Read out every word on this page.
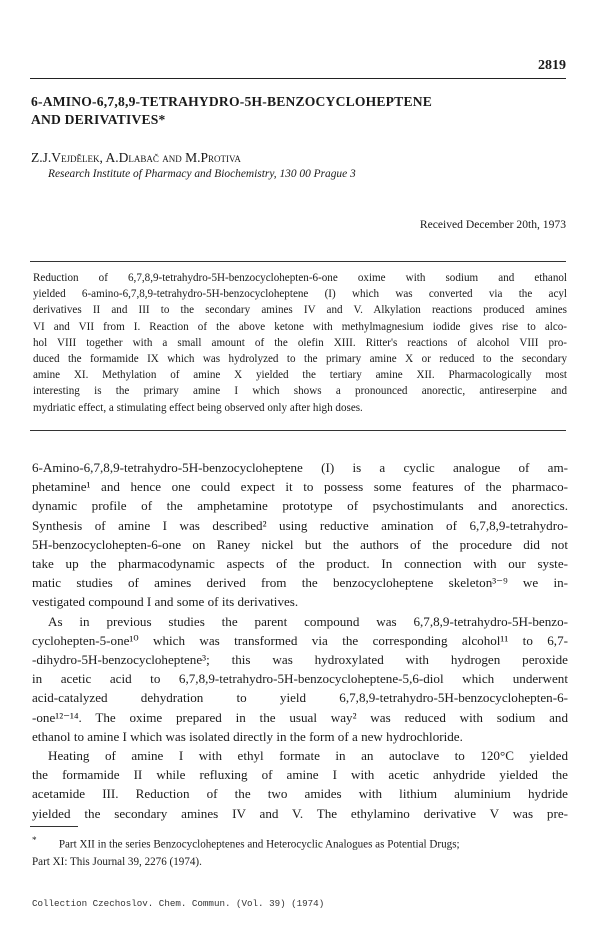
2819
6-AMINO-6,7,8,9-TETRAHYDRO-5H-BENZOCYCLOHEPTENE
AND DERIVATIVES*
Z.J.Vejdělek, A.Dlabač and M.Protiva
Research Institute of Pharmacy and Biochemistry, 130 00 Prague 3
Received December 20th, 1973

Reduction of 6,7,8,9-tetrahydro-5H-benzocyclohepten-6-one oxime with sodium and ethanol
yielded 6-amino-6,7,8,9-tetrahydro-5H-benzocycloheptene (I) which was converted via the acyl
derivatives II and III to the secondary amines IV and V. Alkylation reactions produced amines
VI and VII from I. Reaction of the above ketone with methylmagnesium iodide gives rise to alco-
hol VIII together with a small amount of the olefin XIII. Ritter's reactions of alcohol VIII pro-
duced the formamide IX which was hydrolyzed to the primary amine X or reduced to the secondary
amine XI. Methylation of amine X yielded the tertiary amine XII. Pharmacologically most
interesting is the primary amine I which shows a pronounced anorectic, antireserpine and
mydriatic effect, a stimulating effect being observed only after high doses.

6-Amino-6,7,8,9-tetrahydro-5H-benzocycloheptene (I) is a cyclic analogue of am-
phetamine¹ and hence one could expect it to possess some features of the pharmaco-
dynamic profile of the amphetamine prototype of psychostimulants and anorectics.
Synthesis of amine I was described² using reductive amination of 6,7,8,9-tetrahydro-
5H-benzocyclohepten-6-one on Raney nickel but the authors of the procedure did not
take up the pharmacodynamic aspects of the product. In connection with our syste-
matic studies of amines derived from the benzocycloheptene skeleton³⁻⁹ we in-
vestigated compound I and some of its derivatives.
As in previous studies the parent compound was 6,7,8,9-tetrahydro-5H-benzo-
cyclohepten-5-one¹⁰ which was transformed via the corresponding alcohol¹¹ to 6,7-
-dihydro-5H-benzocycloheptene³; this was hydroxylated with hydrogen peroxide
in acetic acid to 6,7,8,9-tetrahydro-5H-benzocycloheptene-5,6-diol which underwent
acid-catalyzed dehydration to yield 6,7,8,9-tetrahydro-5H-benzocyclohepten-6-
-one¹²⁻¹⁴. The oxime prepared in the usual way² was reduced with sodium and
ethanol to amine I which was isolated directly in the form of a new hydrochloride.
Heating of amine I with ethyl formate in an autoclave to 120°C yielded
the formamide II while refluxing of amine I with acetic anhydride yielded the
acetamide III. Reduction of the two amides with lithium aluminium hydride
yielded the secondary amines IV and V. The ethylamino derivative V was pre-
* Part XII in the series Benzocycloheptenes and Heterocyclic Analogues as Potential Drugs;
Part XI: This Journal 39, 2276 (1974).
Collection Czechoslov. Chem. Commun. (Vol. 39) (1974)
